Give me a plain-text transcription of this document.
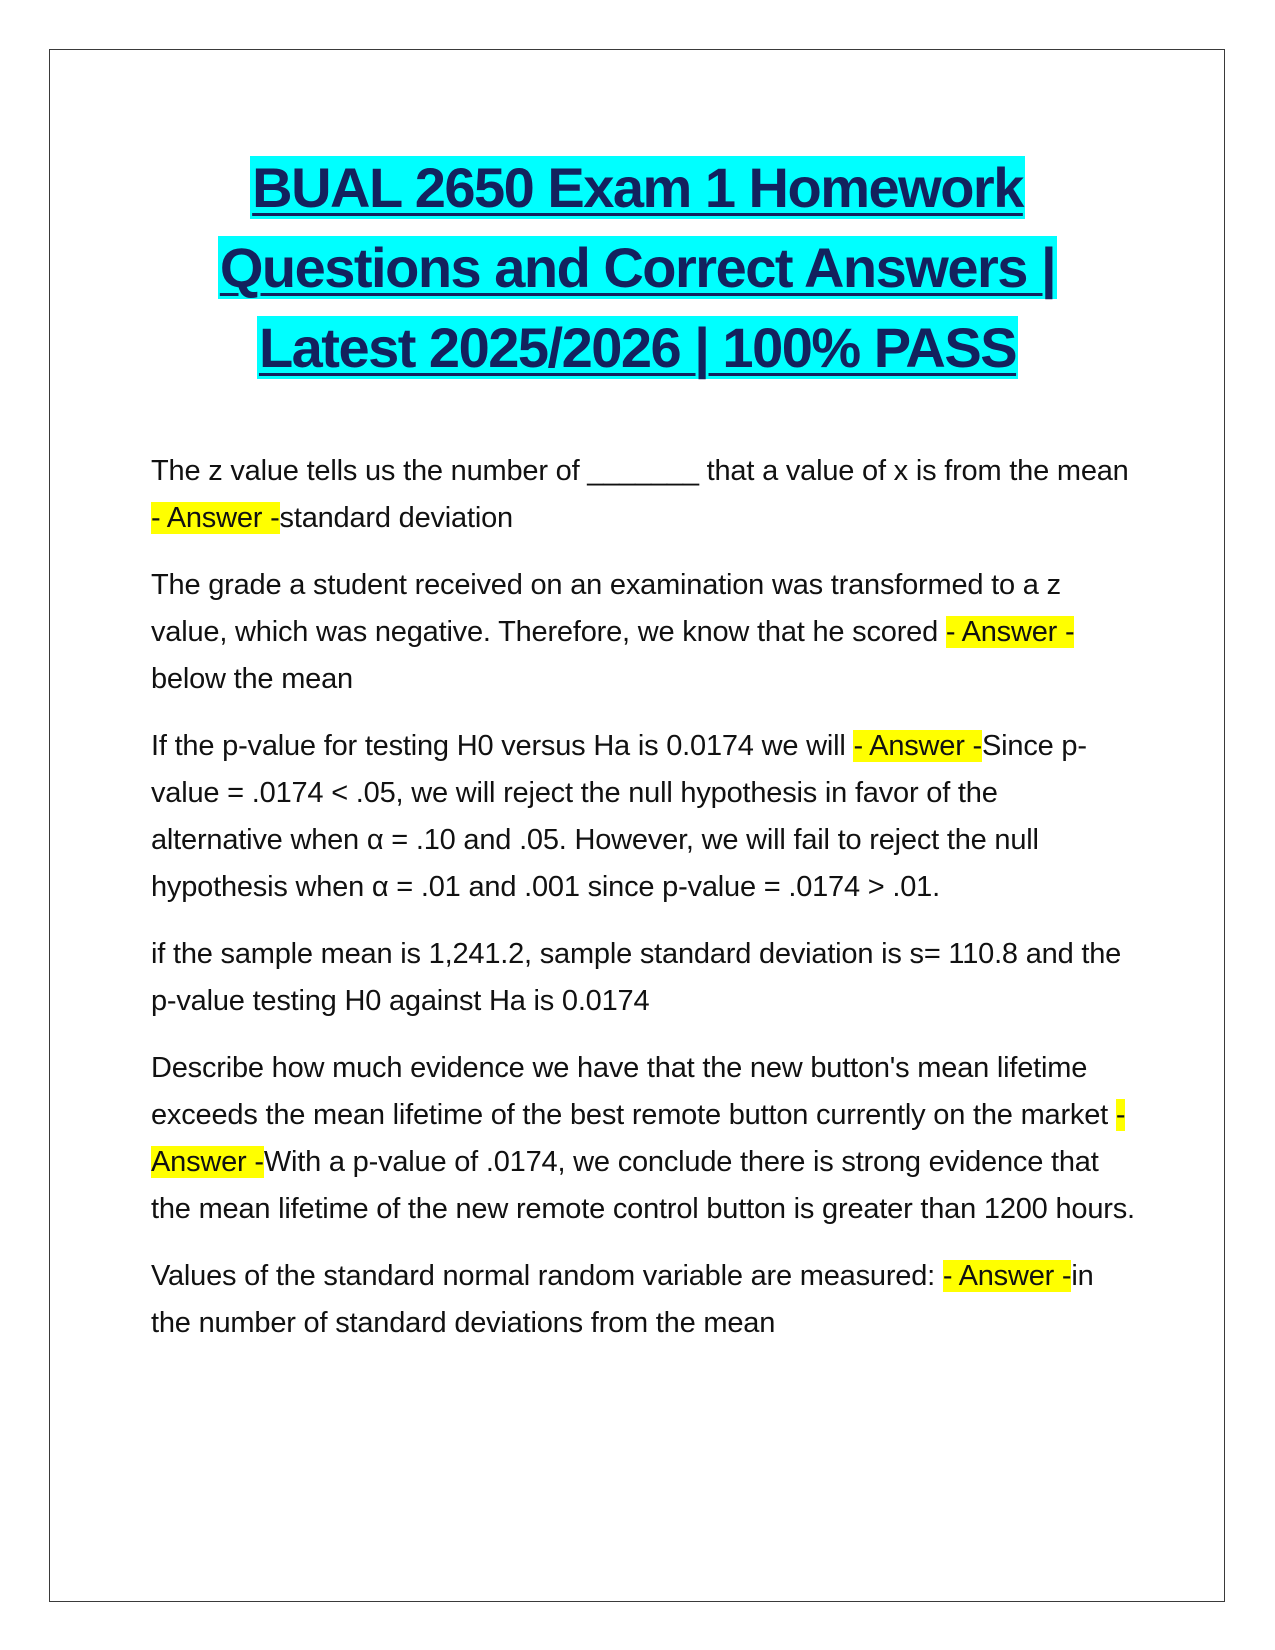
BUAL 2650 Exam 1 Homework
Questions and Correct Answers |
Latest 2025/2026 | 100% PASS

The z value tells us the number of _______ that a value of x is from the mean - Answer -standard deviation

The grade a student received on an examination was transformed to a z value, which was negative. Therefore, we know that he scored - Answer -below the mean

If the p-value for testing H0 versus Ha is 0.0174 we will - Answer -Since p-value = .0174 < .05, we will reject the null hypothesis in favor of the alternative when α = .10 and .05. However, we will fail to reject the null hypothesis when α = .01 and .001 since p-value = .0174 > .01.

if the sample mean is 1,241.2, sample standard deviation is s= 110.8 and the p-value testing H0 against Ha is 0.0174

Describe how much evidence we have that the new button's mean lifetime exceeds the mean lifetime of the best remote button currently on the market - Answer -With a p-value of .0174, we conclude there is strong evidence that the mean lifetime of the new remote control button is greater than 1200 hours.

Values of the standard normal random variable are measured: - Answer -in the number of standard deviations from the mean
